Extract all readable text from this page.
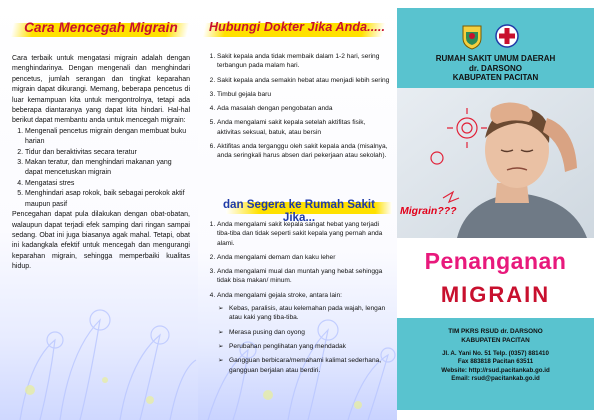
Cara Mencegah Migrain

Cara terbaik untuk mengatasi migrain adalah dengan menghindarinya. Dengan mengenali dan menghindari pencetus, jumlah serangan dan tingkat keparahan migrain dapat dikurangi. Memang, beberapa pencetus di luar kemampuan kita untuk mengontrolnya, tetapi ada beberapa diantaranya yang dapat kita hindari. Hal-hal berikut dapat membantu anda untuk mencegah migrain:

1. Mengenali pencetus migrain dengan membuat buku harian
2. Tidur dan beraktivitas secara teratur
3. Makan teratur, dan menghindari makanan yang dapat mencetuskan migrain
4. Mengatasi stres
5. Menghindari asap rokok, baik sebagai perokok aktif maupun pasif

Pencegahan dapat pula dilakukan dengan obat-obatan, walaupun dapat terjadi efek samping dari ringan sampai sedang. Obat ini juga biasanya agak mahal. Tetapi, obat ini kadangkala efektif untuk mencegah dan mengurangi keparahan migrain, sehingga memperbaiki kualitas hidup.

Hubungi Dokter Jika Anda.....
1. Sakit kepala anda tidak membaik dalam 1-2 hari, sering terbangun pada malam hari.
2. Sakit kepala anda semakin hebat atau menjadi lebih sering
3. Timbul gejala baru
4. Ada masalah dengan pengobatan anda
5. Anda mengalami sakit kepala setelah aktifitas fisik, aktivitas seksual, batuk, atau bersin
6. Aktifitas anda terganggu oleh sakit kepala anda (misalnya, anda seringkali harus absen dari pekerjaan atau sekolah).
dan Segera ke Rumah Sakit Jika...
1. Anda mengalami sakit kepala sangat hebat yang terjadi tiba-tiba dan tidak seperti sakit kepala yang pernah anda alami.
2. Anda mengalami demam dan kaku leher
3. Anda mengalami mual dan muntah yang hebat sehingga tidak bisa makan/ minum.
4. Anda mengalami gejala stroke, antara lain:
➢ Kebas, paralisis, atau kelemahan pada wajah, lengan atau kaki yang tiba-tiba.
➢ Merasa pusing dan oyong
➢ Perubahan penglihatan yang mendadak
➢ Gangguan berbicara/memahami kalimat sederhana, gangguan berjalan atau berdiri.
RUMAH SAKIT UMUM DAERAH
dr. DARSONO
KABUPATEN PACITAN
Migrain???
Penanganan
MIGRAIN
TIM PKRS RSUD dr. DARSONO
KABUPATEN PACITAN
Jl. A. Yani No. 51 Telp. (0357) 881410
Fax 883818 Pacitan 63511
Website: http://rsud.pacitankab.go.id
Email: rsud@pacitankab.go.id
